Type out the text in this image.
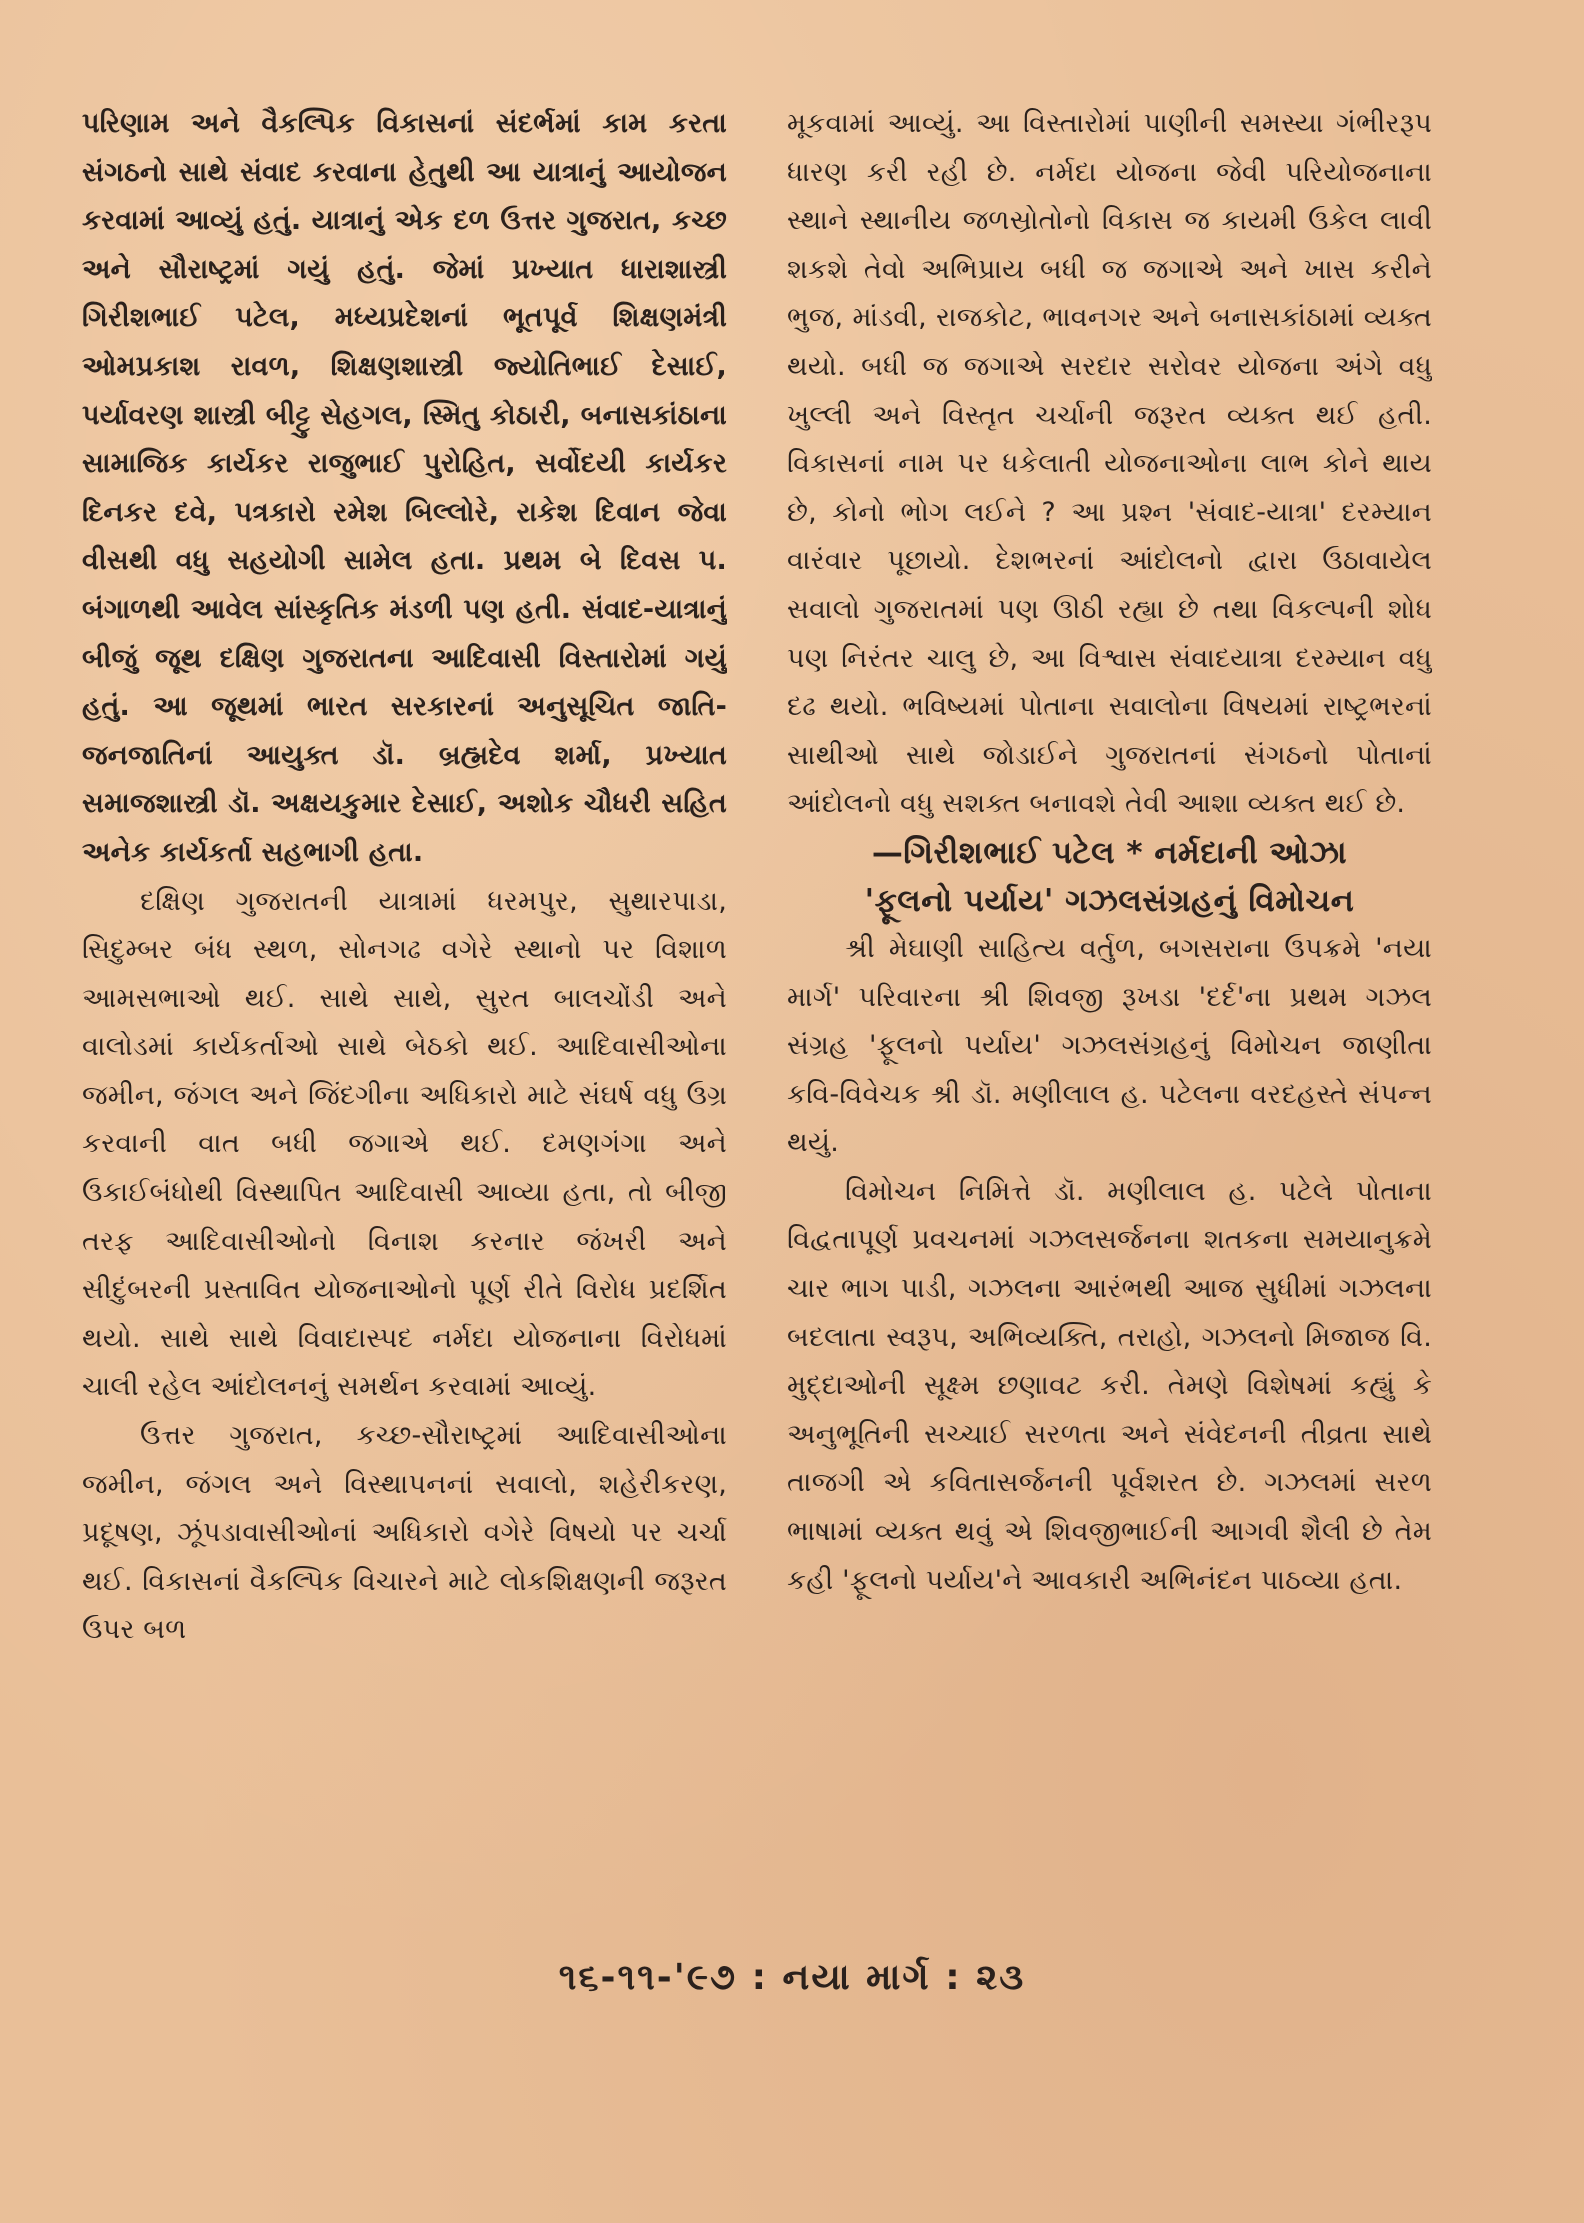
પરિણામ અને વૈકલ્પિક વિકાસનાં સંદર્ભમાં કામ કરતા સંગઠનો સાથે સંવાદ કરવાના હેતુથી આ યાત્રાનું આયોજન કરવામાં આવ્યું હતું. યાત્રાનું એક દળ ઉત્તર ગુજરાત, કચ્છ અને સૌરાષ્ટ્રમાં ગયું હતું. જેમાં પ્રખ્યાત ધારાશાસ્ત્રી ગિરીશભાઈ પટેલ, મધ્યપ્રદેશનાં ભૂતપૂર્વ શિક્ષણમંત્રી ઓમપ્રકાશ રાવળ, શિક્ષણશાસ્ત્રી જ્યોતિભાઈ દેસાઈ, પર્યાવરણ શાસ્ત્રી બીટ્ટુ સેહગલ, સ્મિતુ કોઠારી, બનાસકાંઠાના સામાજિક કાર્યકર રાજુભાઈ પુરોહિત, સર્વોદયી કાર્યકર દિનકર દવે, પત્રકારો રમેશ બિલ્લોરે, રાકેશ દિવાન જેવા વીસથી વધુ સહયોગી સામેલ હતા. પ્રથમ બે દિવસ પ. બંગાળથી આવેલ સાંસ્કૃતિક મંડળી પણ હતી. સંવાદ-યાત્રાનું બીજું જૂથ દક્ષિણ ગુજરાતના આદિવાસી વિસ્તારોમાં ગયું હતું. આ જૂથમાં ભારત સરકારનાં અનુસૂચિત જાતિ-જનજાતિનાં આયુક્ત ડૉ. બ્રહ્મદેવ શર્મા, પ્રખ્યાત સમાજશાસ્ત્રી ડૉ. અક્ષયકુમાર દેસાઈ, અશોક ચૌધરી સહિત અનેક કાર્યકર્તા સહભાગી હતા.

દક્ષિણ ગુજરાતની યાત્રામાં ધરમપુર, સુથારપાડા, સિદુમ્બર બંધ સ્થળ, સોનગઢ વગેરે સ્થાનો પર વિશાળ આમસભાઓ થઈ. સાથે સાથે, સુરત બાલચોંડી અને વાલોડમાં કાર્યકર્તાઓ સાથે બેઠકો થઈ. આદિવાસીઓના જમીન, જંગલ અને જિંદગીના અધિકારો માટે સંઘર્ષ વધુ ઉગ્ર કરવાની વાત બધી જગાએ થઈ. દમણગંગા અને ઉકાઈબંધોથી વિસ્થાપિત આદિવાસી આવ્યા હતા, તો બીજી તરફ આદિવાસીઓનો વિનાશ કરનાર જંખરી અને સીદુંબરની પ્રસ્તાવિત યોજનાઓનો પૂર્ણ રીતે વિરોધ પ્રદર્શિત થયો. સાથે સાથે વિવાદાસ્પદ નર્મદા યોજનાના વિરોધમાં ચાલી રહેલ આંદોલનનું સમર્થન કરવામાં આવ્યું.

ઉત્તર ગુજરાત, કચ્છ-સૌરાષ્ટ્રમાં આદિવાસીઓના જમીન, જંગલ અને વિસ્થાપનનાં સવાલો, શહેરીકરણ, પ્રદૂષણ, ઝૂંપડાવાસીઓનાં અધિકારો વગેરે વિષયો પર ચર્ચા થઈ. વિકાસનાં વૈકલ્પિક વિચારને માટે લોકશિક્ષણની જરૂરત ઉપર બળ

મૂકવામાં આવ્યું. આ વિસ્તારોમાં પાણીની સમસ્યા ગંભીરરૂપ ધારણ કરી રહી છે. નર્મદા યોજના જેવી પરિયોજનાના સ્થાને સ્થાનીય જળસ્રોતોનો વિકાસ જ કાયમી ઉકેલ લાવી શકશે તેવો અભિપ્રાય બધી જ જગાએ અને ખાસ કરીને ભુજ, માંડવી, રાજકોટ, ભાવનગર અને બનાસકાંઠામાં વ્યક્ત થયો. બધી જ જગાએ સરદાર સરોવર યોજના અંગે વધુ ખુલ્લી અને વિસ્તૃત ચર્ચાની જરૂરત વ્યક્ત થઈ હતી. વિકાસનાં નામ પર ધકેલાતી યોજનાઓના લાભ કોને થાય છે, કોનો ભોગ લઈને ? આ પ્રશ્ન 'સંવાદ-યાત્રા' દરમ્યાન વારંવાર પૂછાયો. દેશભરનાં આંદોલનો દ્વારા ઉઠાવાયેલ સવાલો ગુજરાતમાં પણ ઊઠી રહ્યા છે તથા વિકલ્પની શોધ પણ નિરંતર ચાલુ છે, આ વિશ્વાસ સંવાદયાત્રા દરમ્યાન વધુ દઢ થયો. ભવિષ્યમાં પોતાના સવાલોના વિષયમાં રાષ્ટ્રભરનાં સાથીઓ સાથે જોડાઈને ગુજરાતનાં સંગઠનો પોતાનાં આંદોલનો વધુ સશક્ત બનાવશે તેવી આશા વ્યક્ત થઈ છે.

—ગિરીશભાઈ પટેલ * નર્મદાની ઓઝા

'ફૂલનો પર્યાય' ગઝલસંગ્રહનું વિમોચન

શ્રી મેઘાણી સાહિત્ય વર્તુળ, બગસરાના ઉપક્રમે 'નયા માર્ગ' પરિવારના શ્રી શિવજી રૂખડા 'દર્દ'ના પ્રથમ ગઝલ સંગ્રહ 'ફૂલનો પર્યાય' ગઝલસંગ્રહનું વિમોચન જાણીતા કવિ-વિવેચક શ્રી ડૉ. મણીલાલ હ. પટેલના વરદહસ્તે સંપન્ન થયું.

વિમોચન નિમિત્તે ડૉ. મણીલાલ હ. પટેલે પોતાના વિદ્વતાપૂર્ણ પ્રવચનમાં ગઝલસર્જનના શતકના સમયાનુક્રમે ચાર ભાગ પાડી, ગઝલના આરંભથી આજ સુધીમાં ગઝલના બદલાતા સ્વરૂપ, અભિવ્યક્તિ, તરાહો, ગઝલનો મિજાજ વિ. મુદ્દાઓની સૂક્ષ્મ છણાવટ કરી. તેમણે વિશેષમાં કહ્યું કે અનુભૂતિની સચ્ચાઈ સરળતા અને સંવેદનની તીવ્રતા સાથે તાજગી એ કવિતાસર્જનની પૂર્વશરત છે. ગઝલમાં સરળ ભાષામાં વ્યક્ત થવું એ શિવજીભાઈની આગવી શૈલી છે તેમ કહી 'ફૂલનો પર્યાય'ને આવકારી અભિનંદન પાઠવ્યા હતા.

૧૬-૧૧-'૯૭ : નયા માર્ગ : ૨૩
